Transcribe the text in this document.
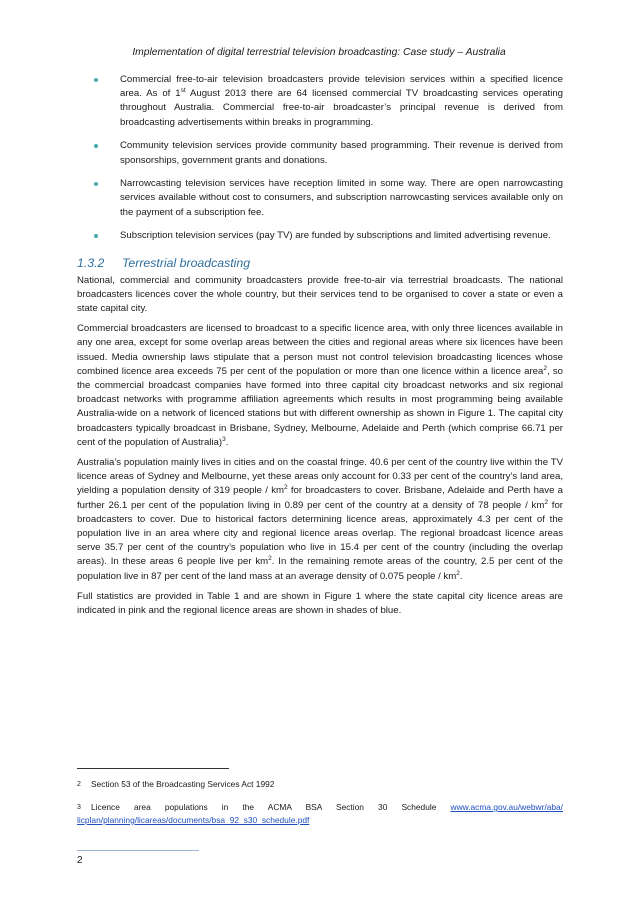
Implementation of digital terrestrial television broadcasting: Case study – Australia
Commercial free-to-air television broadcasters provide television services within a specified licence area. As of 1st August 2013 there are 64 licensed commercial TV broadcasting services operating throughout Australia. Commercial free-to-air broadcaster’s principal revenue is derived from broadcasting advertisements within breaks in programming.
Community television services provide community based programming. Their revenue is derived from sponsorships, government grants and donations.
Narrowcasting television services have reception limited in some way. There are open narrowcasting services available without cost to consumers, and subscription narrowcasting services available only on the payment of a subscription fee.
Subscription television services (pay TV) are funded by subscriptions and limited advertising revenue.
1.3.2	Terrestrial broadcasting

National, commercial and community broadcasters provide free-to-air via terrestrial broadcasts. The national broadcasters licences cover the whole country, but their services tend to be organised to cover a state or even a state capital city.

Commercial broadcasters are licensed to broadcast to a specific licence area, with only three licences available in any one area, except for some overlap areas between the cities and regional areas where six licences have been issued. Media ownership laws stipulate that a person must not control television broadcasting licences whose combined licence area exceeds 75 per cent of the population or more than one licence within a licence area$^2$, so the commercial broadcast companies have formed into three capital city broadcast networks and six regional broadcast networks with programme affiliation agreements which results in most programming being available Australia-wide on a network of licenced stations but with different ownership as shown in Figure 1. The capital city broadcasters typically broadcast in Brisbane, Sydney, Melbourne, Adelaide and Perth (which comprise 66.71 per cent of the population of Australia)$^3$.

Australia’s population mainly lives in cities and on the coastal fringe. 40.6 per cent of the country live within the TV licence areas of Sydney and Melbourne, yet these areas only account for 0.33 per cent of the country’s land area, yielding a population density of 319 people / $km^2$ for broadcasters to cover. Brisbane, Adelaide and Perth have a further 26.1 per cent of the population living in 0.89 per cent of the country at a density of 78 people / $km^2$ for broadcasters to cover. Due to historical factors determining licence areas, approximately 4.3 per cent of the population live in an area where city and regional licence areas overlap. The regional broadcast licence areas serve 35.7 per cent of the country’s population who live in 15.4 per cent of the country (including the overlap areas). In these areas 6 people live per $km^2$. In the remaining remote areas of the country, 2.5 per cent of the population live in 87 per cent of the land mass at an average density of 0.075 people / $km^2$.

Full statistics are provided in Table 1 and are shown in Figure 1 where the state capital city licence areas are indicated in pink and the regional licence areas are shown in shades of blue.

2 Section 53 of the Broadcasting Services Act 1992
3 Licence area populations in the ACMA BSA Section 30 Schedule www.acma.gov.au/webwr/aba/
licplan/planning/licareas/documents/bsa_92_s30_schedule.pdf
2
